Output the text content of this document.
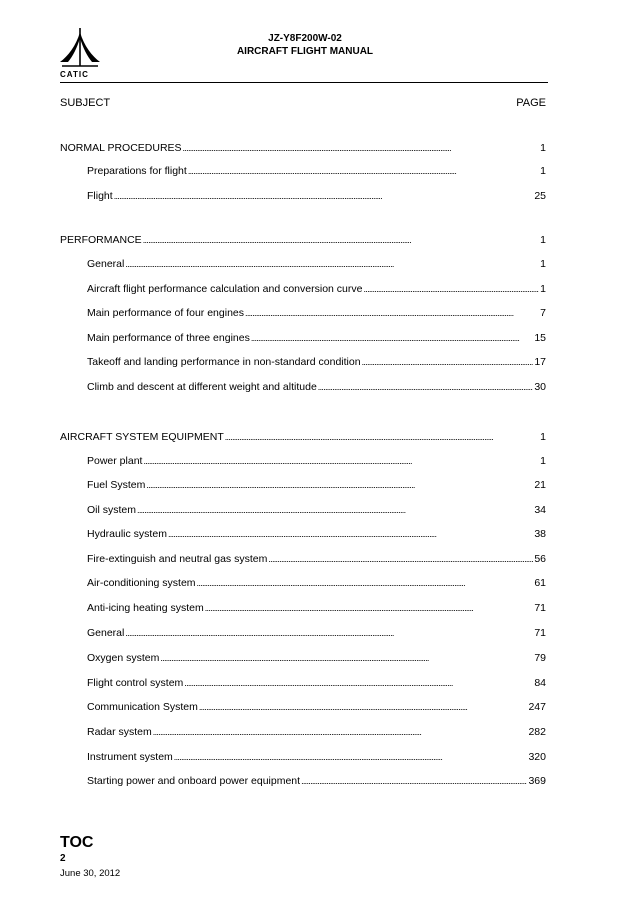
CATIC
JZ-Y8F200W-02
AIRCRAFT FLIGHT MANUAL
SUBJECT	PAGE
NORMAL PROCEDURES . . .	1
Preparations for flight . . .	1
Flight . . .	25
PERFORMANCE . . .	1
General . . .	1
Aircraft flight performance calculation and conversion curve . . .	1
Main performance of four engines . . .	7
Main performance of three engines . . .	15
Takeoff and landing performance in non-standard condition . . .	17
Climb and descent at different weight and altitude . . .	30
AIRCRAFT SYSTEM EQUIPMENT . . .	1
Power plant . . .	1
Fuel System . . .	21
Oil system . . .	34
Hydraulic system . . .	38
Fire-extinguish and neutral gas system . . .	56
Air-conditioning system . . .	61
Anti-icing heating system . . .	71
General . . .	71
Oxygen system . . .	79
Flight control system . . .	84
Communication System . . .	247
Radar system . . .	282
Instrument system . . .	320
Starting power and onboard power equipment . . .	369
TOC
2
June 30, 2012
